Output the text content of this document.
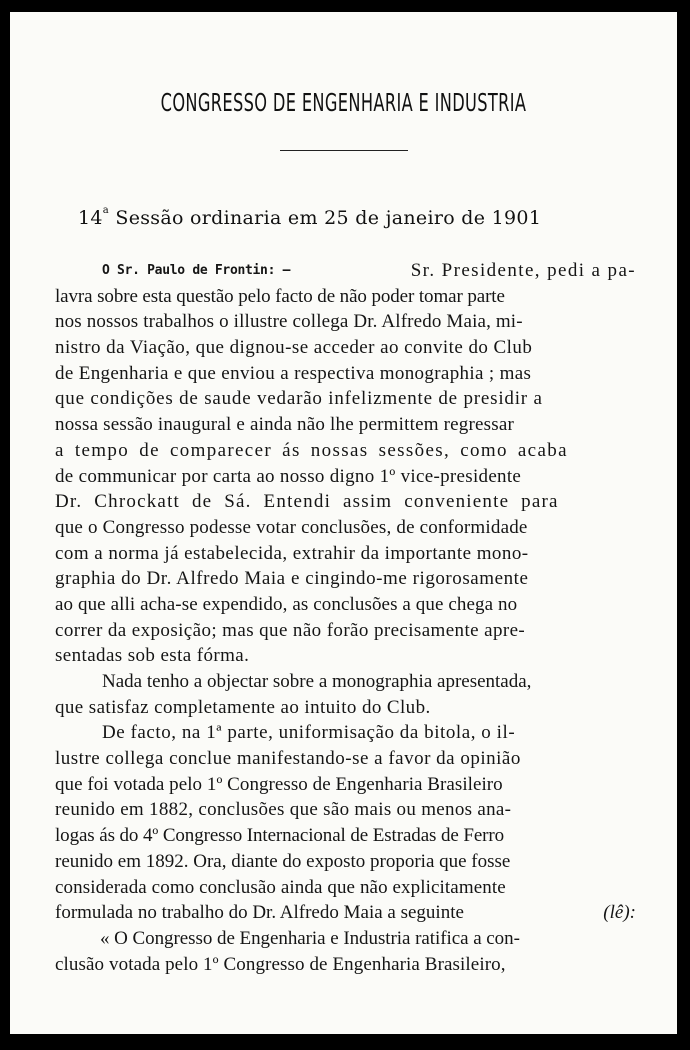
CONGRESSO DE ENGENHARIA E INDUSTRIA
14$^a$ Sessão ordinaria em 25 de janeiro de 1901
O Sr. Paulo de Frontin: —	Sr. Presidente, pedi a pa-
lavra sobre esta questão pelo facto de não poder tomar parte
nos nossos trabalhos o illustre collega Dr. Alfredo Maia, mi-
nistro da Viação, que dignou-se acceder ao convite do Club
de Engenharia e que enviou a respectiva monographia ; mas
que condições de saude vedarão infelizmente de presidir a
nossa sessão inaugural e ainda não lhe permittem regressar
a tempo de comparecer ás nossas sessões, como acaba
de communicar por carta ao nosso digno 1º vice-presidente
Dr. Chrockatt de Sá. Entendi assim conveniente para
que o Congresso podesse votar conclusões, de conformidade
com a norma já estabelecida, extrahir da importante mono-
graphia do Dr. Alfredo Maia e cingindo-me rigorosamente
ao que alli acha-se expendido, as conclusões a que chega no
correr da exposição; mas que não forão precisamente apre-
sentadas sob esta fórma.
Nada tenho a objectar sobre a monographia apresentada,
que satisfaz completamente ao intuito do Club.
De facto, na 1ª parte, uniformisação da bitola, o il-
lustre collega conclue manifestando-se a favor da opinião
que foi votada pelo 1º Congresso de Engenharia Brasileiro
reunido em 1882, conclusões que são mais ou menos ana-
logas ás do 4º Congresso Internacional de Estradas de Ferro
reunido em 1892. Ora, diante do exposto proporia que fosse
considerada como conclusão ainda que não explicitamente
formulada no trabalho do Dr. Alfredo Maia a seguinte	(lê):
« O Congresso de Engenharia e Industria ratifica a con-
clusão votada pelo 1º Congresso de Engenharia Brasileiro,
